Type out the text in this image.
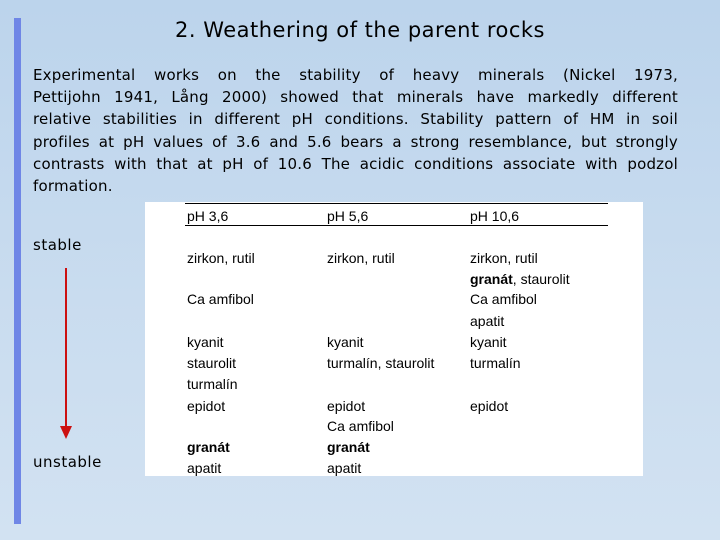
2. Weathering of the parent rocks
Experimental works on the stability of heavy minerals (Nickel 1973,
Pettijohn 1941, Lång 2000) showed that minerals have markedly different
relative stabilities in different pH conditions. Stability pattern of HM in soil
profiles at pH values of 3.6 and 5.6 bears a strong resemblance, but strongly
contrasts with that at pH of 10.6 The acidic conditions associate with podzol
formation.
stable
unstable
pH 3,6	pH 5,6	pH 10,6
zirkon, rutil
Ca amfibol
kyanit
staurolit
turmalín
epidot
granát
apatit
zirkon, rutil
kyanit
turmalín, staurolit
epidot
Ca amfibol
granát
apatit
zirkon, rutil
granát, staurolit
Ca amfibol
apatit
kyanit
turmalín
epidot
